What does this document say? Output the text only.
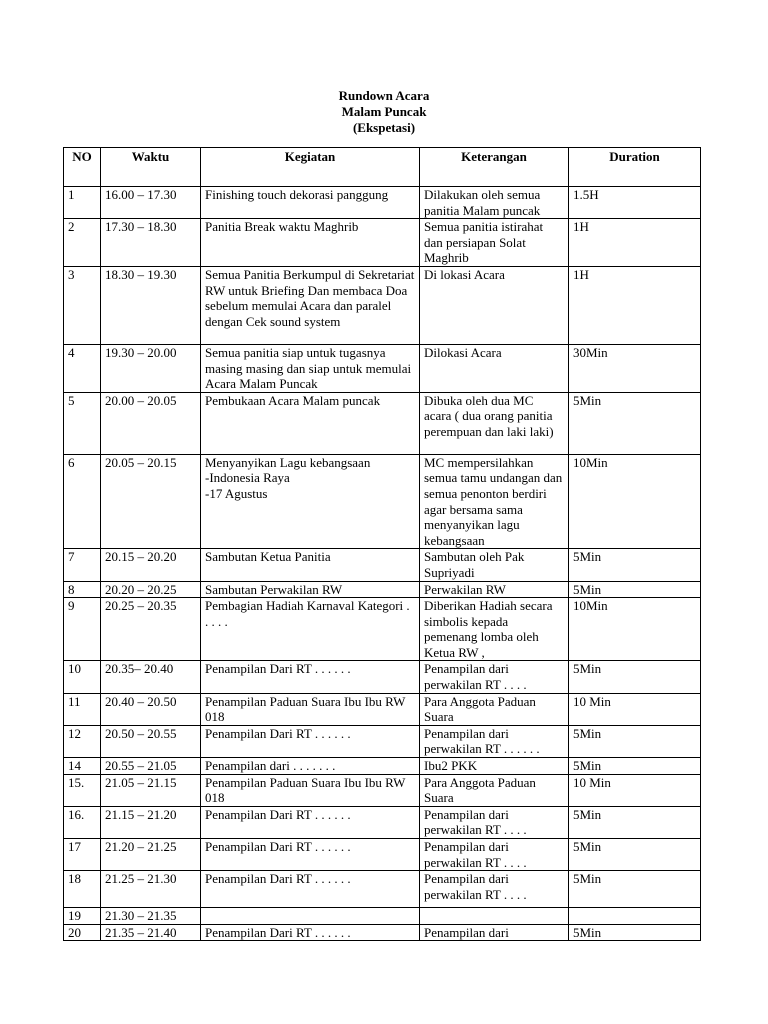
Rundown Acara
Malam Puncak
(Ekspetasi)
NO	Waktu	Kegiatan	Keterangan	Duration
1	16.00 – 17.30	Finishing touch dekorasi panggung	Dilakukan oleh semua panitia Malam puncak	1.5H
2	17.30 – 18.30	Panitia Break waktu Maghrib	Semua panitia istirahat dan persiapan Solat Maghrib	1H
3	18.30 – 19.30	Semua Panitia Berkumpul di Sekretariat RW untuk Briefing Dan membaca Doa sebelum memulai Acara dan paralel dengan Cek sound system	Di lokasi Acara	1H
4	19.30 – 20.00	Semua panitia siap untuk tugasnya masing masing dan siap untuk memulai Acara Malam Puncak	Dilokasi Acara	30Min
5	20.00 – 20.05	Pembukaan Acara Malam puncak	Dibuka oleh dua MC acara ( dua orang panitia perempuan dan laki laki)	5Min
6	20.05 – 20.15	Menyanyikan Lagu kebangsaan
-Indonesia Raya
-17 Agustus	MC mempersilahkan semua tamu undangan dan semua penonton berdiri agar bersama sama menyanyikan lagu kebangsaan	10Min
7	20.15 – 20.20	Sambutan Ketua Panitia	Sambutan oleh Pak Supriyadi	5Min
8	20.20 – 20.25	Sambutan Perwakilan RW	Perwakilan RW	5Min
9	20.25 – 20.35	Pembagian Hadiah Karnaval Kategori . . . . .	Diberikan Hadiah secara simbolis kepada pemenang lomba oleh Ketua RW ,	10Min
10	20.35– 20.40	Penampilan Dari RT . . . . . .	Penampilan dari perwakilan RT . . . .	5Min
11	20.40 – 20.50	Penampilan Paduan Suara Ibu Ibu RW 018	Para Anggota Paduan Suara	10 Min
12	20.50 – 20.55	Penampilan Dari RT . . . . . .	Penampilan dari perwakilan RT . . . . . .	5Min
14	20.55 – 21.05	Penampilan dari . . . . . . .	Ibu2 PKK	5Min
15.	21.05 – 21.15	Penampilan Paduan Suara Ibu Ibu RW 018	Para Anggota Paduan Suara	10 Min
16.	21.15 – 21.20	Penampilan Dari RT . . . . . .	Penampilan dari perwakilan RT . . . .	5Min
17	21.20 – 21.25	Penampilan Dari RT . . . . . .	Penampilan dari perwakilan RT . . . .	5Min
18	21.25 – 21.30	Penampilan Dari RT . . . . . .	Penampilan dari perwakilan RT . . . .	5Min
19	21.30 – 21.35			
20	21.35 – 21.40	Penampilan Dari RT . . . . . .	Penampilan dari	5Min
